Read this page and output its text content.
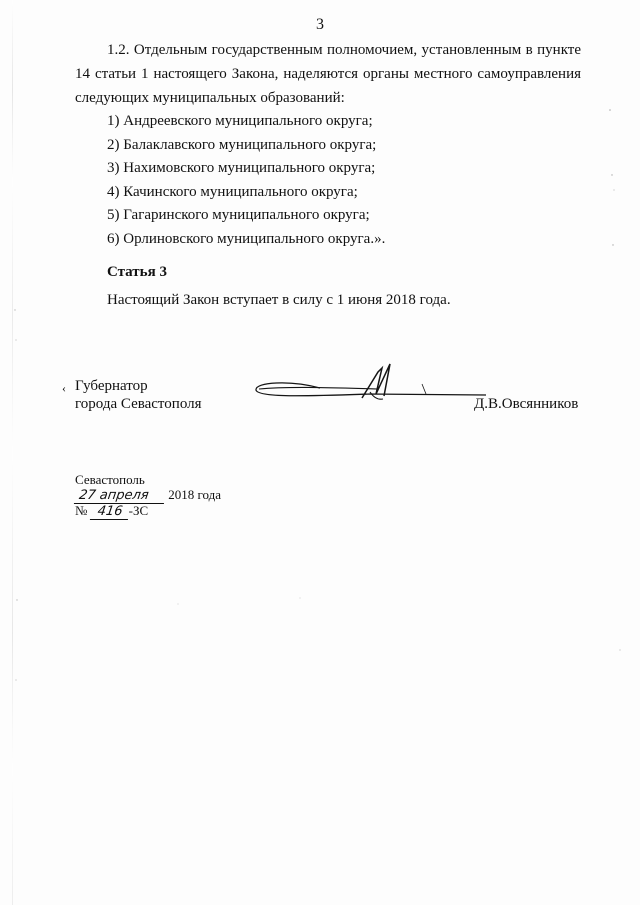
3

1.2. Отдельным государственным полномочием, установленным в пункте 14 статьи 1 настоящего Закона, наделяются органы местного самоуправления следующих муниципальных образований:

1) Андреевского муниципального округа;
2) Балаклавского муниципального округа;
3) Нахимовского муниципального округа;
4) Качинского муниципального округа;
5) Гагаринского муниципального округа;
6) Орлиновского муниципального округа.».
Статья 3

Настоящий Закон вступает в силу с 1 июня 2018 года.

‹ Губернатор
города Севастополя	Д.В.Овсянников
Севастополь
27 апреля 2018 года
№ 416 -ЗС
